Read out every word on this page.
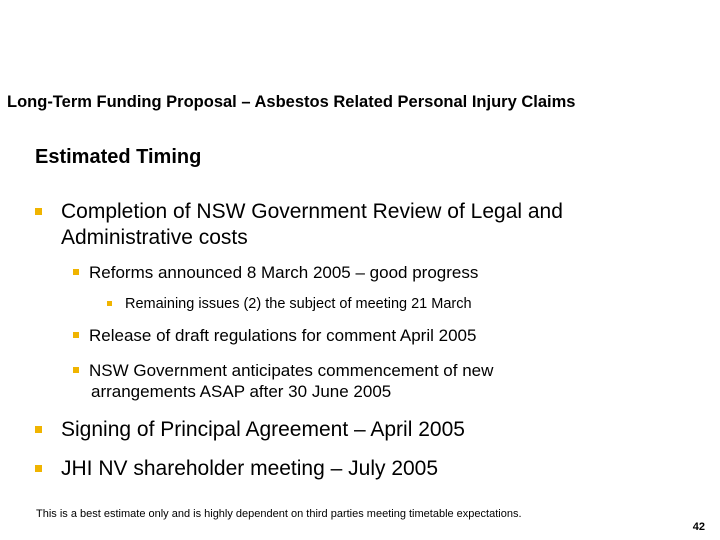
Long-Term Funding Proposal – Asbestos Related Personal Injury Claims
Estimated Timing
Completion of NSW Government Review of Legal and
Administrative costs
Reforms announced 8 March 2005 – good progress
Remaining issues (2) the subject of meeting 21 March
Release of draft regulations for comment April 2005
NSW Government anticipates commencement of new
arrangements ASAP after 30 June 2005
Signing of Principal Agreement – April 2005
JHI NV shareholder meeting – July 2005
This is a best estimate only and is highly dependent on third parties meeting timetable expectations.
42
